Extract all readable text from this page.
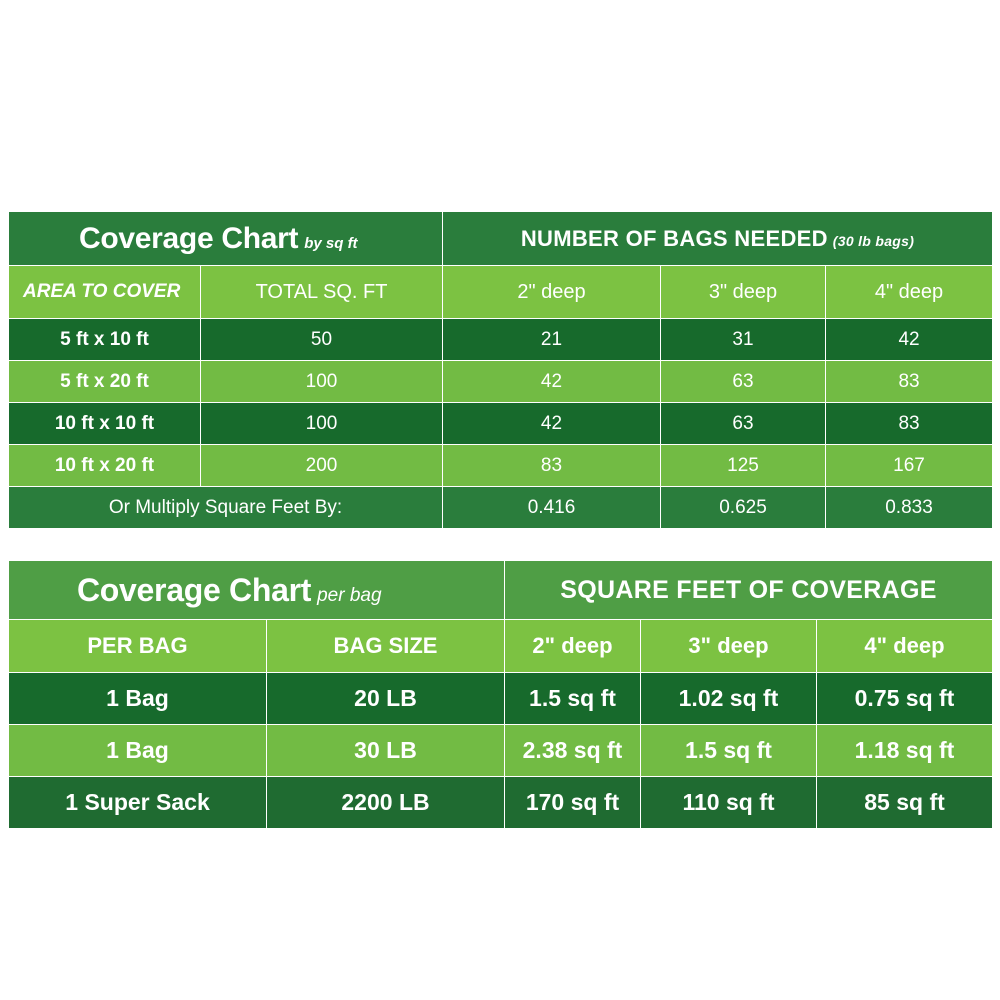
Coverage Chart by sq ft		NUMBER OF BAGS NEEDED (30 lb bags)		
AREA TO COVER	TOTAL SQ. FT	2" deep	3" deep	4" deep
5 ft x 10 ft	50	21	31	42
5 ft x 20 ft	100	42	63	83
10 ft x 10 ft	100	42	63	83
10 ft x 20 ft	200	83	125	167
Or Multiply Square Feet By:		0.416	0.625	0.833
Coverage Chart per bag		SQUARE FEET OF COVERAGE		
PER BAG	BAG SIZE	2" deep	3" deep	4" deep
1 Bag	20 LB	1.5 sq ft	1.02 sq ft	0.75 sq ft
1 Bag	30 LB	2.38 sq ft	1.5 sq ft	1.18 sq ft
1 Super Sack	2200 LB	170 sq ft	110 sq ft	85 sq ft
